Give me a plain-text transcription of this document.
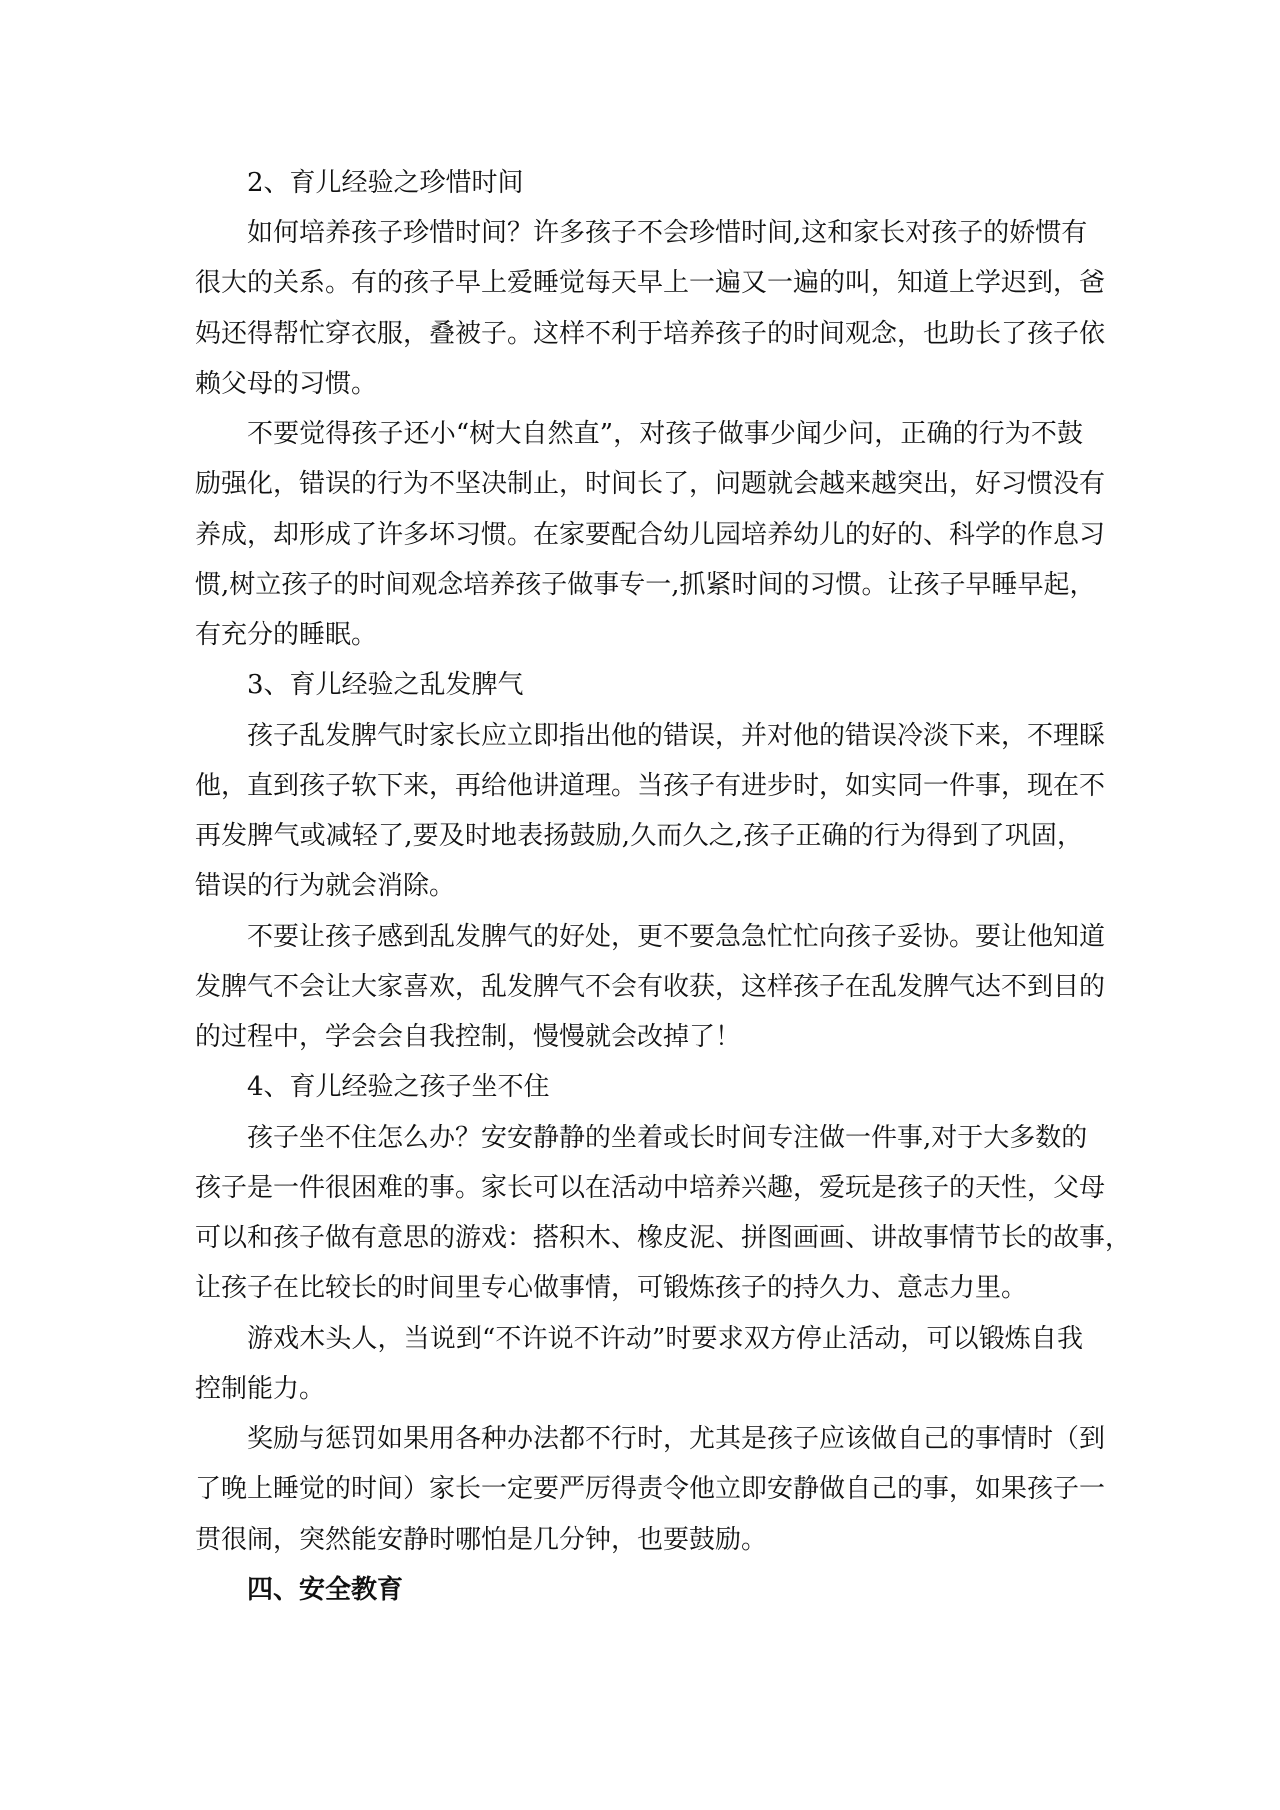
2、育儿经验之珍惜时间
如何培养孩子珍惜时间？许多孩子不会珍惜时间,这和家长对孩子的娇惯有
很大的关系。有的孩子早上爱睡觉每天早上一遍又一遍的叫，知道上学迟到，爸
妈还得帮忙穿衣服，叠被子。这样不利于培养孩子的时间观念，也助长了孩子依
赖父母的习惯。
不要觉得孩子还小“树大自然直”，对孩子做事少闻少问，正确的行为不鼓
励强化，错误的行为不坚决制止，时间长了，问题就会越来越突出，好习惯没有
养成，却形成了许多坏习惯。在家要配合幼儿园培养幼儿的好的、科学的作息习
惯,树立孩子的时间观念培养孩子做事专一,抓紧时间的习惯。让孩子早睡早起，
有充分的睡眠。
3、育儿经验之乱发脾气
孩子乱发脾气时家长应立即指出他的错误，并对他的错误冷淡下来，不理睬
他，直到孩子软下来，再给他讲道理。当孩子有进步时，如实同一件事，现在不
再发脾气或减轻了,要及时地表扬鼓励,久而久之,孩子正确的行为得到了巩固，
错误的行为就会消除。
不要让孩子感到乱发脾气的好处，更不要急急忙忙向孩子妥协。要让他知道
发脾气不会让大家喜欢，乱发脾气不会有收获，这样孩子在乱发脾气达不到目的
的过程中，学会会自我控制，慢慢就会改掉了！
4、育儿经验之孩子坐不住
孩子坐不住怎么办？安安静静的坐着或长时间专注做一件事,对于大多数的
孩子是一件很困难的事。家长可以在活动中培养兴趣，爱玩是孩子的天性，父母
可以和孩子做有意思的游戏：搭积木、橡皮泥、拼图画画、讲故事情节长的故事，
让孩子在比较长的时间里专心做事情，可锻炼孩子的持久力、意志力里。
游戏木头人，当说到“不许说不许动”时要求双方停止活动，可以锻炼自我
控制能力。
奖励与惩罚如果用各种办法都不行时，尤其是孩子应该做自己的事情时（到
了晚上睡觉的时间）家长一定要严厉得责令他立即安静做自己的事，如果孩子一
贯很闹，突然能安静时哪怕是几分钟，也要鼓励。
四、安全教育
